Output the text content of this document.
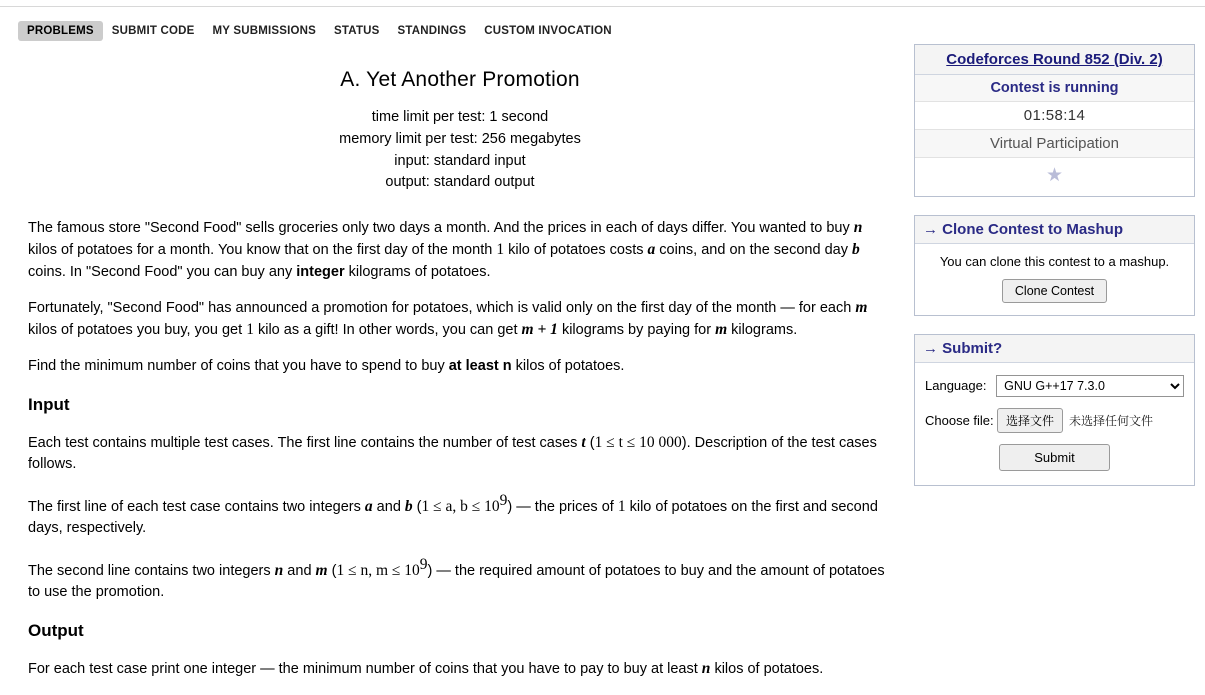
PROBLEMS	SUBMIT CODE	MY SUBMISSIONS	STATUS	STANDINGS	CUSTOM INVOCATION
A. Yet Another Promotion
time limit per test: 1 second
memory limit per test: 256 megabytes
input: standard input
output: standard output

The famous store "Second Food" sells groceries only two days a month. And the prices in each of days differ. You wanted to buy n kilos of potatoes for a month. You know that on the first day of the month 1 kilo of potatoes costs a coins, and on the second day b coins. In "Second Food" you can buy any integer kilograms of potatoes.

Fortunately, "Second Food" has announced a promotion for potatoes, which is valid only on the first day of the month — for each m kilos of potatoes you buy, you get 1 kilo as a gift! In other words, you can get m + 1 kilograms by paying for m kilograms.

Find the minimum number of coins that you have to spend to buy at least n kilos of potatoes.

Input

Each test contains multiple test cases. The first line contains the number of test cases t (1 ≤ t ≤ 10 000). Description of the test cases follows.

The first line of each test case contains two integers a and b (1 ≤ a, $b \le 10^9$) — the prices of 1 kilo of potatoes on the first and second days, respectively.

The second line contains two integers n and m (1 ≤ n, $m \le 10^9$) — the required amount of potatoes to buy and the amount of potatoes to use the promotion.

Output

For each test case print one integer — the minimum number of coins that you have to pay to buy at least n kilos of potatoes.

Codeforces Round 852 (Div. 2)
Contest is running
01:58:14
Virtual Participation
★
→ Clone Contest to Mashup

You can clone this contest to a mashup.

Clone Contest
→ Submit?
Language:
GNU G++17 7.3.0
Choose file:	选择文件	未选择任何文件
Submit
